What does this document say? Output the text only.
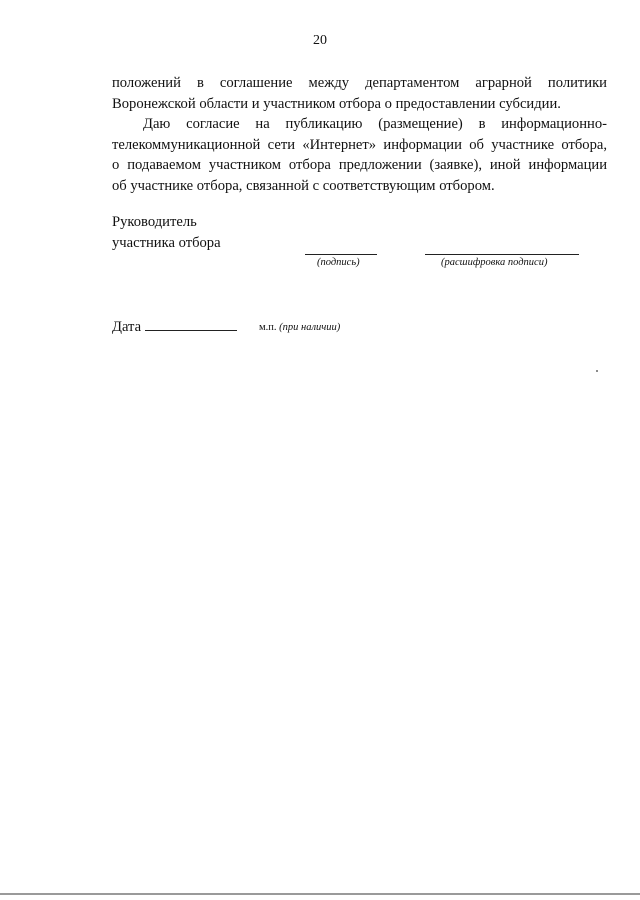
20
положений в соглашение между департаментом аграрной политики
Воронежской области и участником отбора о предоставлении субсидии.
Даю согласие на публикацию (размещение) в информационно-
телекоммуникационной сети «Интернет» информации об участнике отбора,
о подаваемом участником отбора предложении (заявке), иной информации
об участнике отбора, связанной с соответствующим отбором.
Руководитель
участника отбора
(подпись)	(расшифровка подписи)
Дата	м.п. (при наличии)
